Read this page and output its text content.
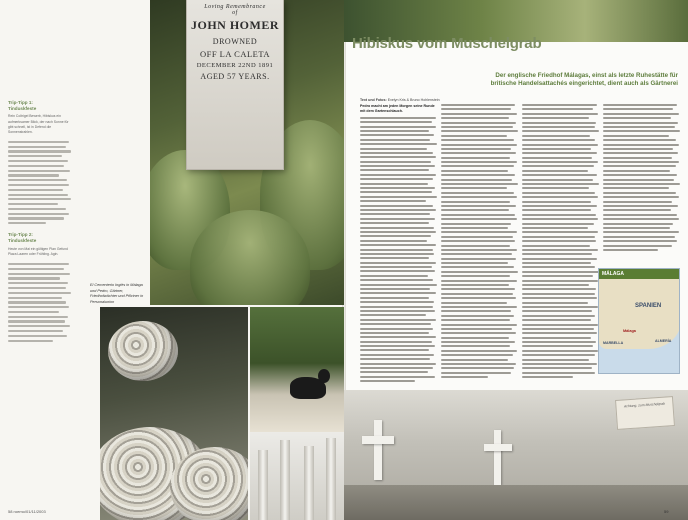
Trip-Tipp 1:
Tinduskfeste
Rein Coltrigel Bewerb, Hibiskus ein aufmerksamer Blick, der nach Sonne für gibt schnell, ist in Defend die Sonnenstrahlen.
Trip-Tipp 2:
Tinduskfeste
Heute von Mai ein gültigen Plan Gefund Plaza Laaren oder Frühling. Agin.
Loving Remembrance
of
JOHN HOMER
DROWNED
OFF LA CALETA
DECEMBER 22ND 1891
AGED 57 YEARS.
El Cementerio Inglés in Málaga und Pedro, Gärtner, Friedhofwächter und Pförtner in Personalunion
58 roemo/01/11/2003
Hibiskus vom Muschelgrab
Der englische Friedhof Málagas, einst als letzte Ruhestätte für britische Handelsattachés eingerichtet, dient auch als Gärtnerei
Text und Fotos: Evelyn Kris & Bruno Hohlenstein
Pedro macht am jeden Morgen seine Runde mit dem Gartenschlauch.
MÁLAGA
SPANIEN
MARBELLA
Málaga
ALMERÍA
Achtung, zum Muschelgrab
59
